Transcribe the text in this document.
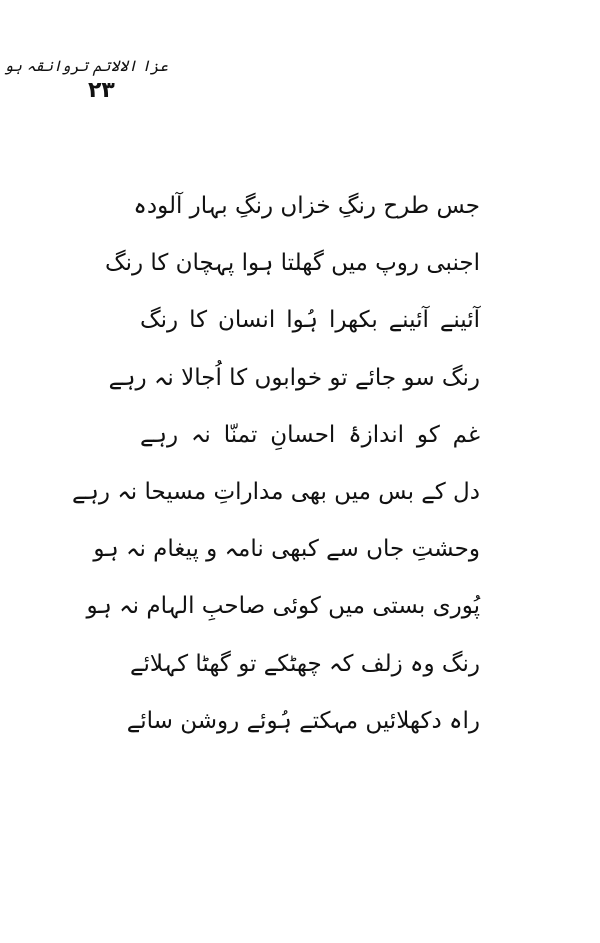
عزا الالاتم تروانقہ ہو
۲۳
جس طرح رنگِ خزاں رنگِ بہار آلودہ
اجنبی روپ میں گھلتا ہوا پہچان کا رنگ
آئینے آئینے بکھرا ہُوا انسان کا رنگ
رنگ سو جائے تو خوابوں کا اُجالا نہ رہے
غم کو اندازۂ احسانِ تمنّا نہ رہے
دل کے بس میں بھی مداراتِ مسیحا نہ رہے
وحشتِ جاں سے کبھی نامہ و پیغام نہ ہو
پُوری بستی میں کوئی صاحبِ الہام نہ ہو
رنگ وہ زلف کہ چھٹکے تو گھٹا کہلائے
راہ دکھلائیں مہکتے ہُوئے روشن سائے
